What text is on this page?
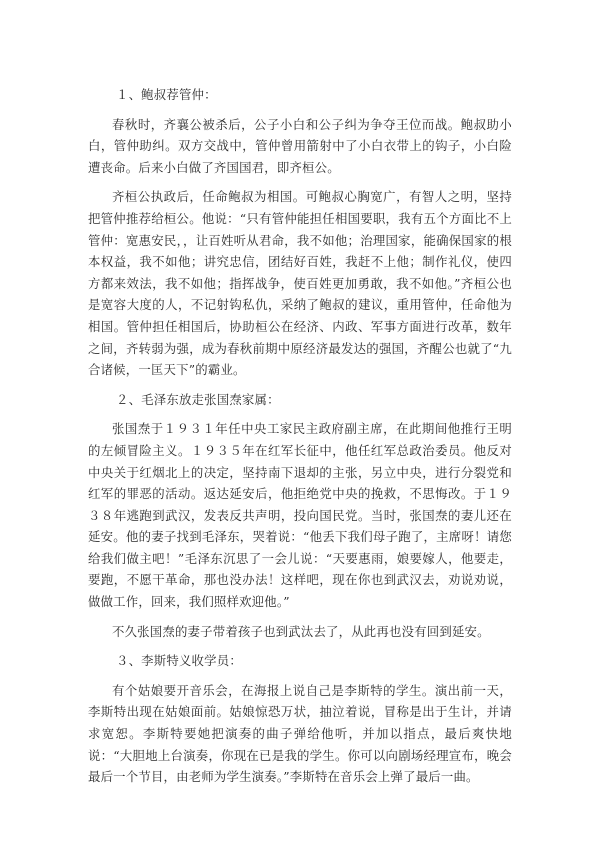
１、鲍叔荐管仲：

春秋时，齐襄公被杀后，公子小白和公子纠为争夺王位而战。鲍叔助小白，管仲助纠。双方交战中，管仲曾用箭射中了小白衣带上的钩子，小白险遭丧命。后来小白做了齐国国君，即齐桓公。

齐桓公执政后，任命鲍叔为相国。可鲍叔心胸宽广，有智人之明，坚持把管仲推荐给桓公。他说：“只有管仲能担任相国要职，我有五个方面比不上管仲：宽惠安民，，让百姓听从君命，我不如他；治理国家，能确保国家的根本权益，我不如他；讲究忠信，团结好百姓，我赶不上他；制作礼仪，使四方都来效法，我不如他；指挥战争，使百姓更加勇敢，我不如他。”齐桓公也是宽容大度的人，不记射钩私仇，采纳了鲍叔的建议，重用管仲，任命他为相国。管仲担任相国后，协助桓公在经济、内政、军事方面进行改革，数年之间，齐转弱为强，成为春秋前期中原经济最发达的强国，齐醒公也就了“九合诸候，一匡天下”的霸业。

２、毛泽东放走张国焘家属：

张国焘于１９３１年任中央工家民主政府副主席，在此期间他推行王明的左倾冒险主义。１９３５年在红军长征中，他任红军总政治委员。他反对中央关于红烟北上的决定，坚持南下退却的主张，另立中央，进行分裂党和红军的罪恶的活动。返达延安后，他拒绝党中央的挽救，不思悔改。于１９３８年逃跑到武汉，发表反共声明，投向国民党。当时，张国焘的妻儿还在延安。他的妻子找到毛泽东，哭着说：“他丢下我们母子跑了，主席呀！请您给我们做主吧！”毛泽东沉思了一会儿说：“天要惠雨，娘要嫁人，他要走，要跑，不愿干革命，那也没办法！这样吧，现在你也到武汉去，劝说劝说，做做工作，回来，我们照样欢迎他。”

不久张国焘的妻子带着孩子也到武汰去了，从此再也没有回到延安。

３、李斯特义收学员：

有个姑娘要开音乐会，在海报上说自己是李斯特的学生。演出前一天，李斯特出现在姑娘面前。姑娘惊恐万状，抽泣着说，冒称是出于生计，并请求宽恕。李斯特要她把演奏的曲子弹给他听，并加以指点，最后爽快地说：“大胆地上台演奏，你现在已是我的学生。你可以向剧场经理宣布，晚会最后一个节目，由老师为学生演奏。”李斯特在音乐会上弹了最后一曲。
